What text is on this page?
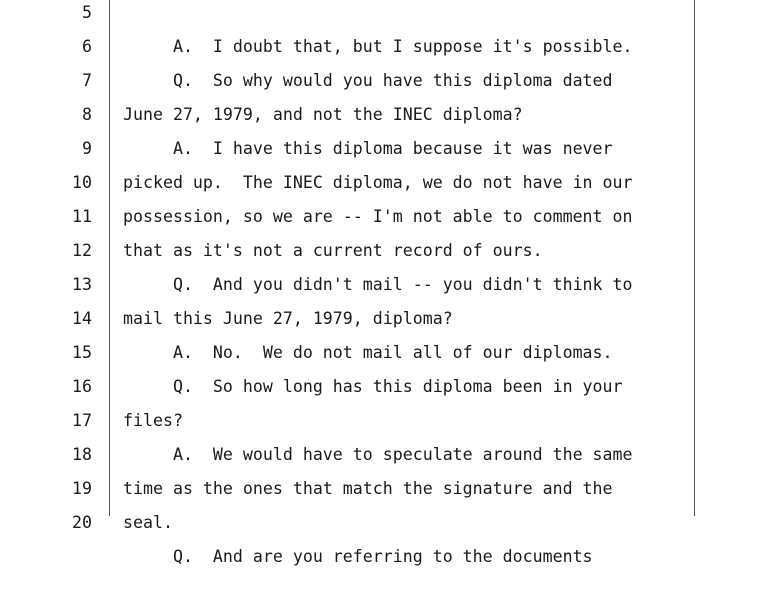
5

A.  I doubt that, but I suppose it's possible.

6

Q.  So why would you have this diploma dated

7

June 27, 1979, and not the INEC diploma?

8

A.  I have this diploma because it was never

9

picked up.  The INEC diploma, we do not have in our

10

possession, so we are -- I'm not able to comment on

11

that as it's not a current record of ours.

12

Q.  And you didn't mail -- you didn't think to

13

mail this June 27, 1979, diploma?

14

A.  No.  We do not mail all of our diplomas.

15

Q.  So how long has this diploma been in your

16

files?

17

A.  We would have to speculate around the same

18

time as the ones that match the signature and the

19

seal.

20

Q.  And are you referring to the documents
